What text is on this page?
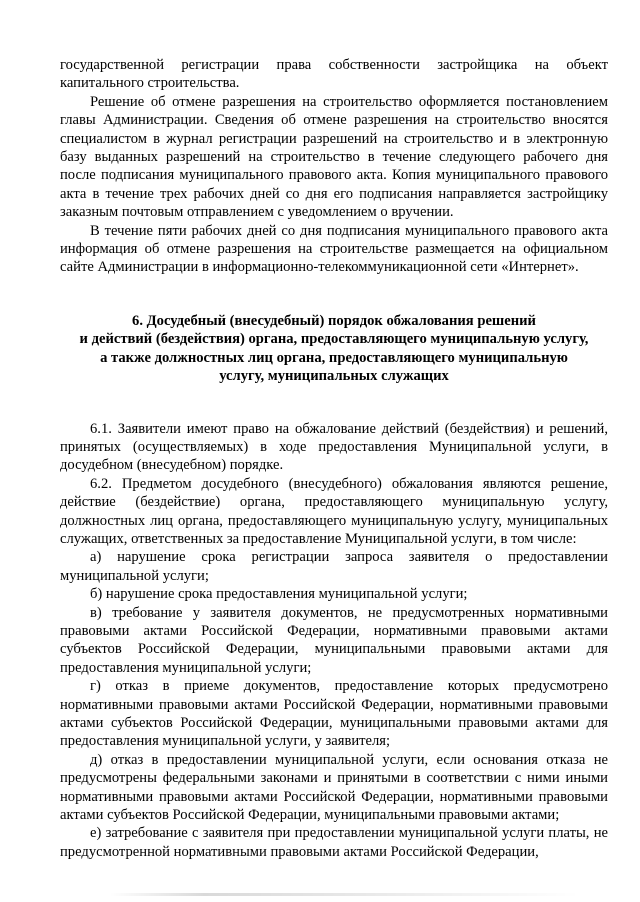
государственной регистрации права собственности застройщика на объект капитального строительства.

Решение об отмене разрешения на строительство оформляется постановлением главы Администрации. Сведения об отмене разрешения на строительство вносятся специалистом в журнал регистрации разрешений на строительство и в электронную базу выданных разрешений на строительство в течение следующего рабочего дня после подписания муниципального правового акта. Копия муниципального правового акта в течение трех рабочих дней со дня его подписания направляется застройщику заказным почтовым отправлением с уведомлением о вручении.

В течение пяти рабочих дней со дня подписания муниципального правового акта информация об отмене разрешения на строительстве размещается на официальном сайте Администрации в информационно-телекоммуникационной сети «Интернет».

6. Досудебный (внесудебный) порядок обжалования решений
и действий (бездействия) органа, предоставляющего муниципальную услугу,
а также должностных лиц органа, предоставляющего муниципальную
услугу, муниципальных служащих

6.1. Заявители имеют право на обжалование действий (бездействия) и решений, принятых (осуществляемых) в ходе предоставления Муниципальной услуги, в досудебном (внесудебном) порядке.

6.2. Предметом досудебного (внесудебного) обжалования являются решение, действие (бездействие) органа, предоставляющего муниципальную услугу, должностных лиц органа, предоставляющего муниципальную услугу, муниципальных служащих, ответственных за предоставление Муниципальной услуги, в том числе:

а) нарушение срока регистрации запроса заявителя о предоставлении муниципальной услуги;

б) нарушение срока предоставления муниципальной услуги;

в) требование у заявителя документов, не предусмотренных нормативными правовыми актами Российской Федерации, нормативными правовыми актами субъектов Российской Федерации, муниципальными правовыми актами для предоставления муниципальной услуги;

г) отказ в приеме документов, предоставление которых предусмотрено нормативными правовыми актами Российской Федерации, нормативными правовыми актами субъектов Российской Федерации, муниципальными правовыми актами для предоставления муниципальной услуги, у заявителя;

д) отказ в предоставлении муниципальной услуги, если основания отказа не предусмотрены федеральными законами и принятыми в соответствии с ними иными нормативными правовыми актами Российской Федерации, нормативными правовыми актами субъектов Российской Федерации, муниципальными правовыми актами;

е) затребование с заявителя при предоставлении муниципальной услуги платы, не предусмотренной нормативными правовыми актами Российской Федерации,
